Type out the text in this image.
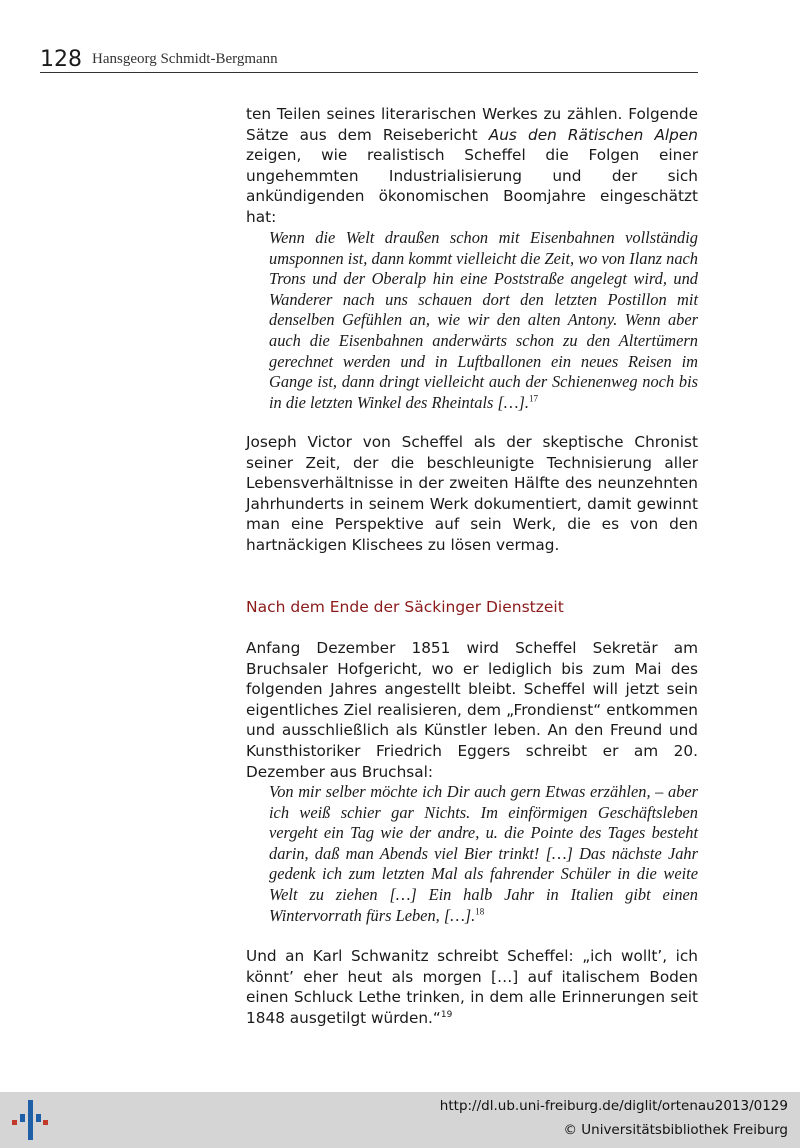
128 Hansgeorg Schmidt-Bergmann

ten Teilen seines literarischen Werkes zu zählen. Folgende Sätze aus dem Reisebericht Aus den Rätischen Alpen zeigen, wie realistisch Scheffel die Folgen einer ungehemmten Industrialisierung und der sich ankündigenden ökonomischen Boomjahre eingeschätzt hat:

Wenn die Welt draußen schon mit Eisenbahnen vollständig umsponnen ist, dann kommt vielleicht die Zeit, wo von Ilanz nach Trons und der Oberalp hin eine Poststraße angelegt wird, und Wanderer nach uns schauen dort den letzten Postillon mit denselben Gefühlen an, wie wir den alten Antony. Wenn aber auch die Eisenbahnen anderwärts schon zu den Altertümern gerechnet werden und in Luftballonen ein neues Reisen im Gange ist, dann dringt vielleicht auch der Schienenweg noch bis in die letzten Winkel des Rheintals […].$^{17}$

Joseph Victor von Scheffel als der skeptische Chronist seiner Zeit, der die beschleunigte Technisierung aller Lebensverhältnisse in der zweiten Hälfte des neunzehnten Jahrhunderts in seinem Werk dokumentiert, damit gewinnt man eine Perspektive auf sein Werk, die es von den hartnäckigen Klischees zu lösen vermag.

Nach dem Ende der Säckinger Dienstzeit

Anfang Dezember 1851 wird Scheffel Sekretär am Bruchsaler Hofgericht, wo er lediglich bis zum Mai des folgenden Jahres angestellt bleibt. Scheffel will jetzt sein eigentliches Ziel realisieren, dem „Frondienst“ entkommen und ausschließlich als Künstler leben. An den Freund und Kunsthistoriker Friedrich Eggers schreibt er am 20. Dezember aus Bruchsal:

Von mir selber möchte ich Dir auch gern Etwas erzählen, – aber ich weiß schier gar Nichts. Im einförmigen Geschäftsleben vergeht ein Tag wie der andre, u. die Pointe des Tages besteht darin, daß man Abends viel Bier trinkt! […] Das nächste Jahr gedenk ich zum letzten Mal als fahrender Schüler in die weite Welt zu ziehen […] Ein halb Jahr in Italien gibt einen Wintervorrath fürs Leben, […].$^{18}$

Und an Karl Schwanitz schreibt Scheffel: „ich wollt’, ich könnt’ eher heut als morgen […] auf italischem Boden einen Schluck Lethe trinken, in dem alle Erinnerungen seit 1848 ausgetilgt würden.“$^{19}$

http://dl.ub.uni-freiburg.de/diglit/ortenau2013/0129
© Universitätsbibliothek Freiburg
